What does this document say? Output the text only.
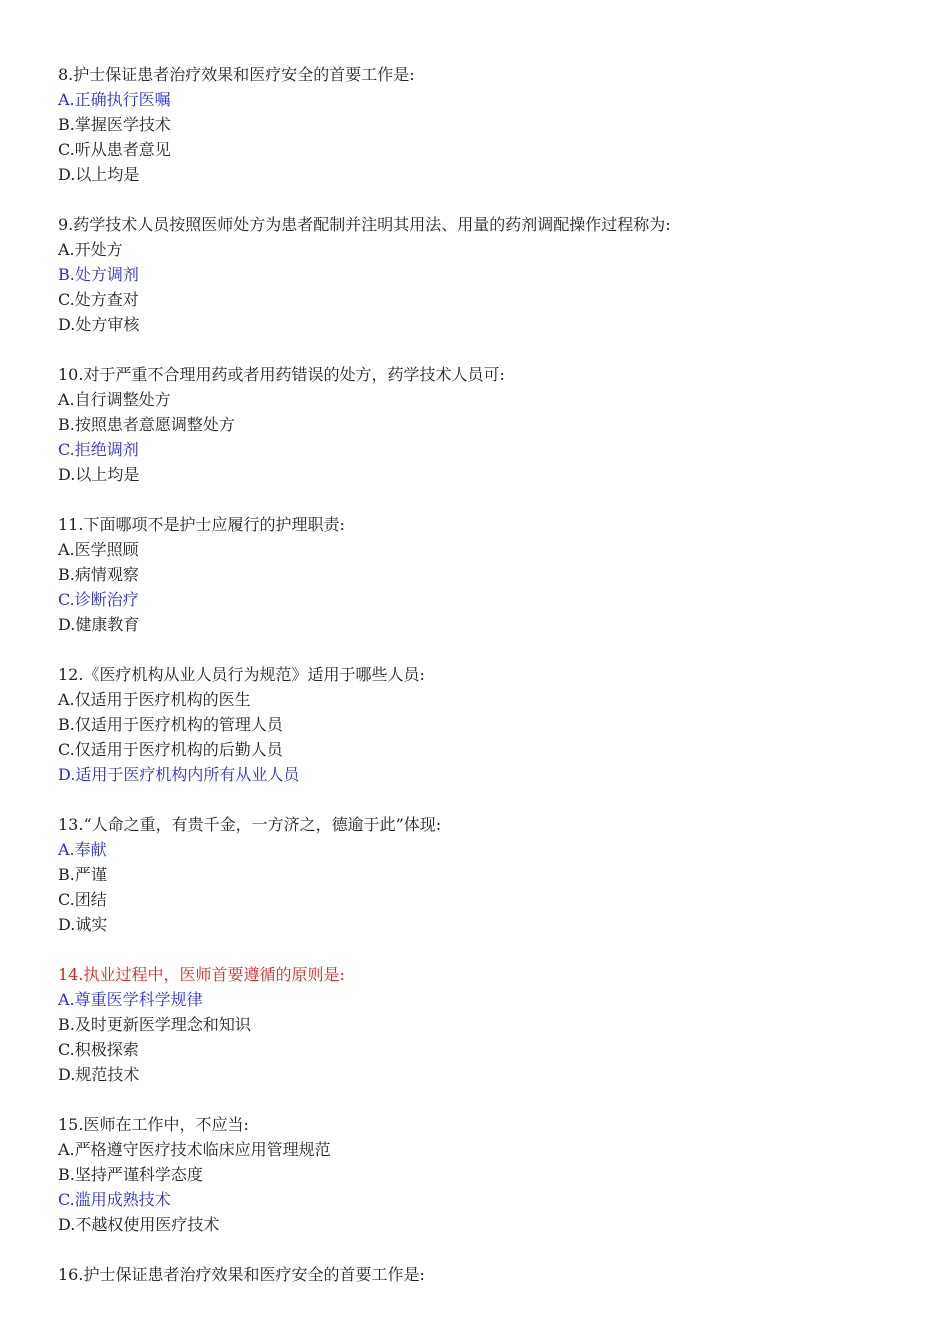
8.护士保证患者治疗效果和医疗安全的首要工作是:
A.正确执行医嘱
B.掌握医学技术
C.听从患者意见
D.以上均是
9.药学技术人员按照医师处方为患者配制并注明其用法、用量的药剂调配操作过程称为:
A.开处方
B.处方调剂
C.处方查对
D.处方审核
10.对于严重不合理用药或者用药错误的处方，药学技术人员可:
A.自行调整处方
B.按照患者意愿调整处方
C.拒绝调剂
D.以上均是
11.下面哪项不是护士应履行的护理职责:
A.医学照顾
B.病情观察
C.诊断治疗
D.健康教育
12.《医疗机构从业人员行为规范》适用于哪些人员:
A.仅适用于医疗机构的医生
B.仅适用于医疗机构的管理人员
C.仅适用于医疗机构的后勤人员
D.适用于医疗机构内所有从业人员
13.“人命之重，有贵千金，一方济之，德逾于此”体现:
A.奉献
B.严谨
C.团结
D.诚实
14.执业过程中，医师首要遵循的原则是:
A.尊重医学科学规律
B.及时更新医学理念和知识
C.积极探索
D.规范技术
15.医师在工作中，不应当:
A.严格遵守医疗技术临床应用管理规范
B.坚持严谨科学态度
C.滥用成熟技术
D.不越权使用医疗技术
16.护士保证患者治疗效果和医疗安全的首要工作是:
